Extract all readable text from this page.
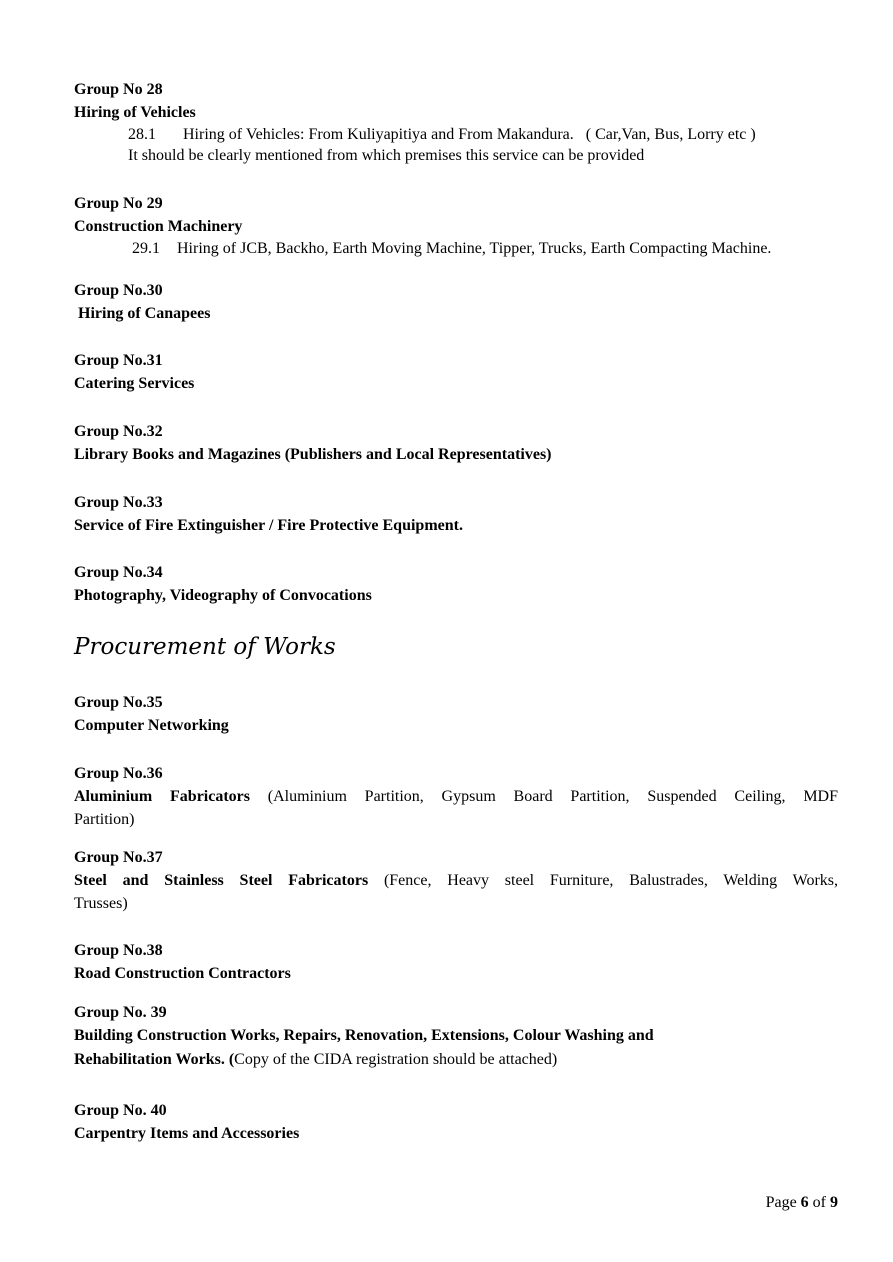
Group No 28
Hiring of Vehicles
28.1 Hiring of Vehicles: From Kuliyapitiya and From Makandura.   ( Car,Van, Bus, Lorry etc )
It should be clearly mentioned from which premises this service can be provided
Group No 29
Construction Machinery
29.1 Hiring of JCB, Backho, Earth Moving Machine, Tipper, Trucks, Earth Compacting Machine.
Group No.30
Hiring of Canapees
Group No.31
Catering Services
Group No.32
Library Books and Magazines (Publishers and Local Representatives)
Group No.33
Service of Fire Extinguisher / Fire Protective Equipment.
Group No.34
Photography, Videography of Convocations
Procurement of Works
Group No.35
Computer Networking
Group No.36
Aluminium Fabricators (Aluminium Partition, Gypsum Board Partition, Suspended Ceiling, MDF
Partition)
Group No.37
Steel and Stainless Steel Fabricators (Fence, Heavy steel Furniture, Balustrades, Welding Works,
Trusses)
Group No.38
Road Construction Contractors
Group No. 39
Building Construction Works, Repairs, Renovation, Extensions, Colour Washing and
Rehabilitation Works. (Copy of the CIDA registration should be attached)
Group No. 40
Carpentry Items and Accessories
Page 6 of 9
